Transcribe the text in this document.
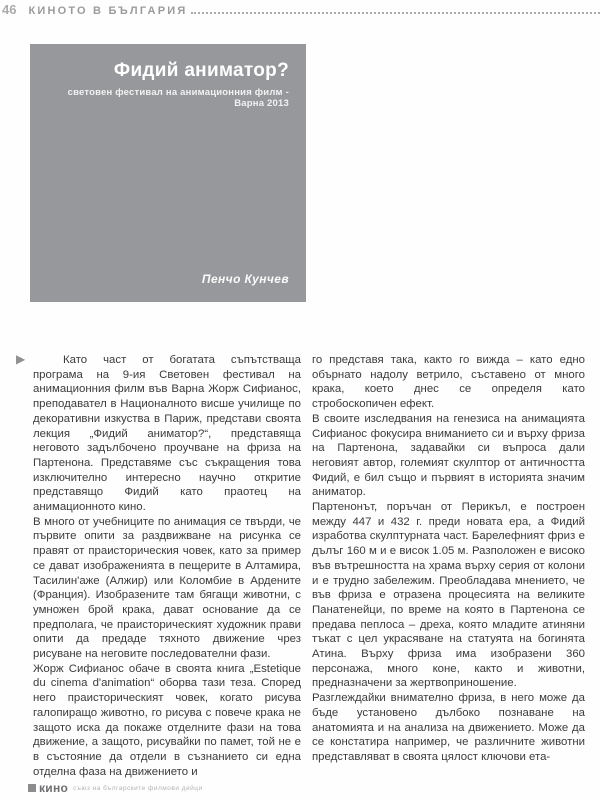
46 КИНОТО В БЪЛГАРИЯ
Фидий аниматор?
световен фестивал на анимационния филм - Варна 2013
Пенчо Кунчев
▶	Като част от богатата съпътстваща програма на 9-ия Световен фестивал на анимационния филм във Варна Жорж Сифианос, преподавател в Националното висше училище по декоративни изкуства в Париж, представи своята лекция „Фидий аниматор?“, представяща неговото задълбочено проучване на фриза на Партенона. Представяме със съкращения това изключително интересно научно откритие представящо Фидий като праотец на анимационното кино.

В много от учебниците по анимация се твърди, че първите опити за раздвижване на рисунка се правят от праисторическия човек, като за пример се дават изображенията в пещерите в Алтамира, Тасилин'аже (Алжир) или Коломбие в Ардените (Франция). Изобразените там бягащи животни, с умножен брой крака, дават основание да се предполага, че праисторическият художник прави опити да предаде тяхното движение чрез рисуване на неговите последователни фази.

Жорж Сифианос обаче в своята книга „Estetique du cinema d'animation“ оборва тази теза. Според него праисторическият човек, когато рисува галопиращо животно, го рисува с повече крака не защото иска да покаже отделните фази на това движение, а защото, рисувайки по памет, той не е в състояние да отдели в съзнанието си една отделна фаза на движението и

го представя така, както го вижда – като едно обърнато надолу ветрило, съставено от много крака, което днес се определя като стробоскопичен ефект.

В своите изследвания на генезиса на анимацията Сифианос фокусира вниманието си и върху фриза на Партенона, задавайки си въпроса дали неговият автор, големият скулптор от античността Фидий, е бил също и първият в историята значим аниматор.

Партенонът, поръчан от Перикъл, е построен между 447 и 432 г. преди новата ера, а Фидий изработва скулптурната част. Барелефният фриз е дълъг 160 м и е висок 1.05 м. Разположен е високо във вътрешността на храма върху серия от колони и е трудно забележим. Преобладава мнението, че във фриза е отразена процесията на великите Панатенейци, по време на която в Партенона се предава пеплоса – дреха, която младите атиняни тъкат с цел украсяване на статуята на богинята Атина. Върху фриза има изобразени 360 персонажа, много коне, както и животни, предназначени за жертвоприношение.

Разглеждайки внимателно фриза, в него може да бъде установено дълбоко познаване на анатомията и на анализа на движението. Може да се констатира например, че различните животни представляват в своята цялост ключови ета-

кино съюз на българските филмови дейци
